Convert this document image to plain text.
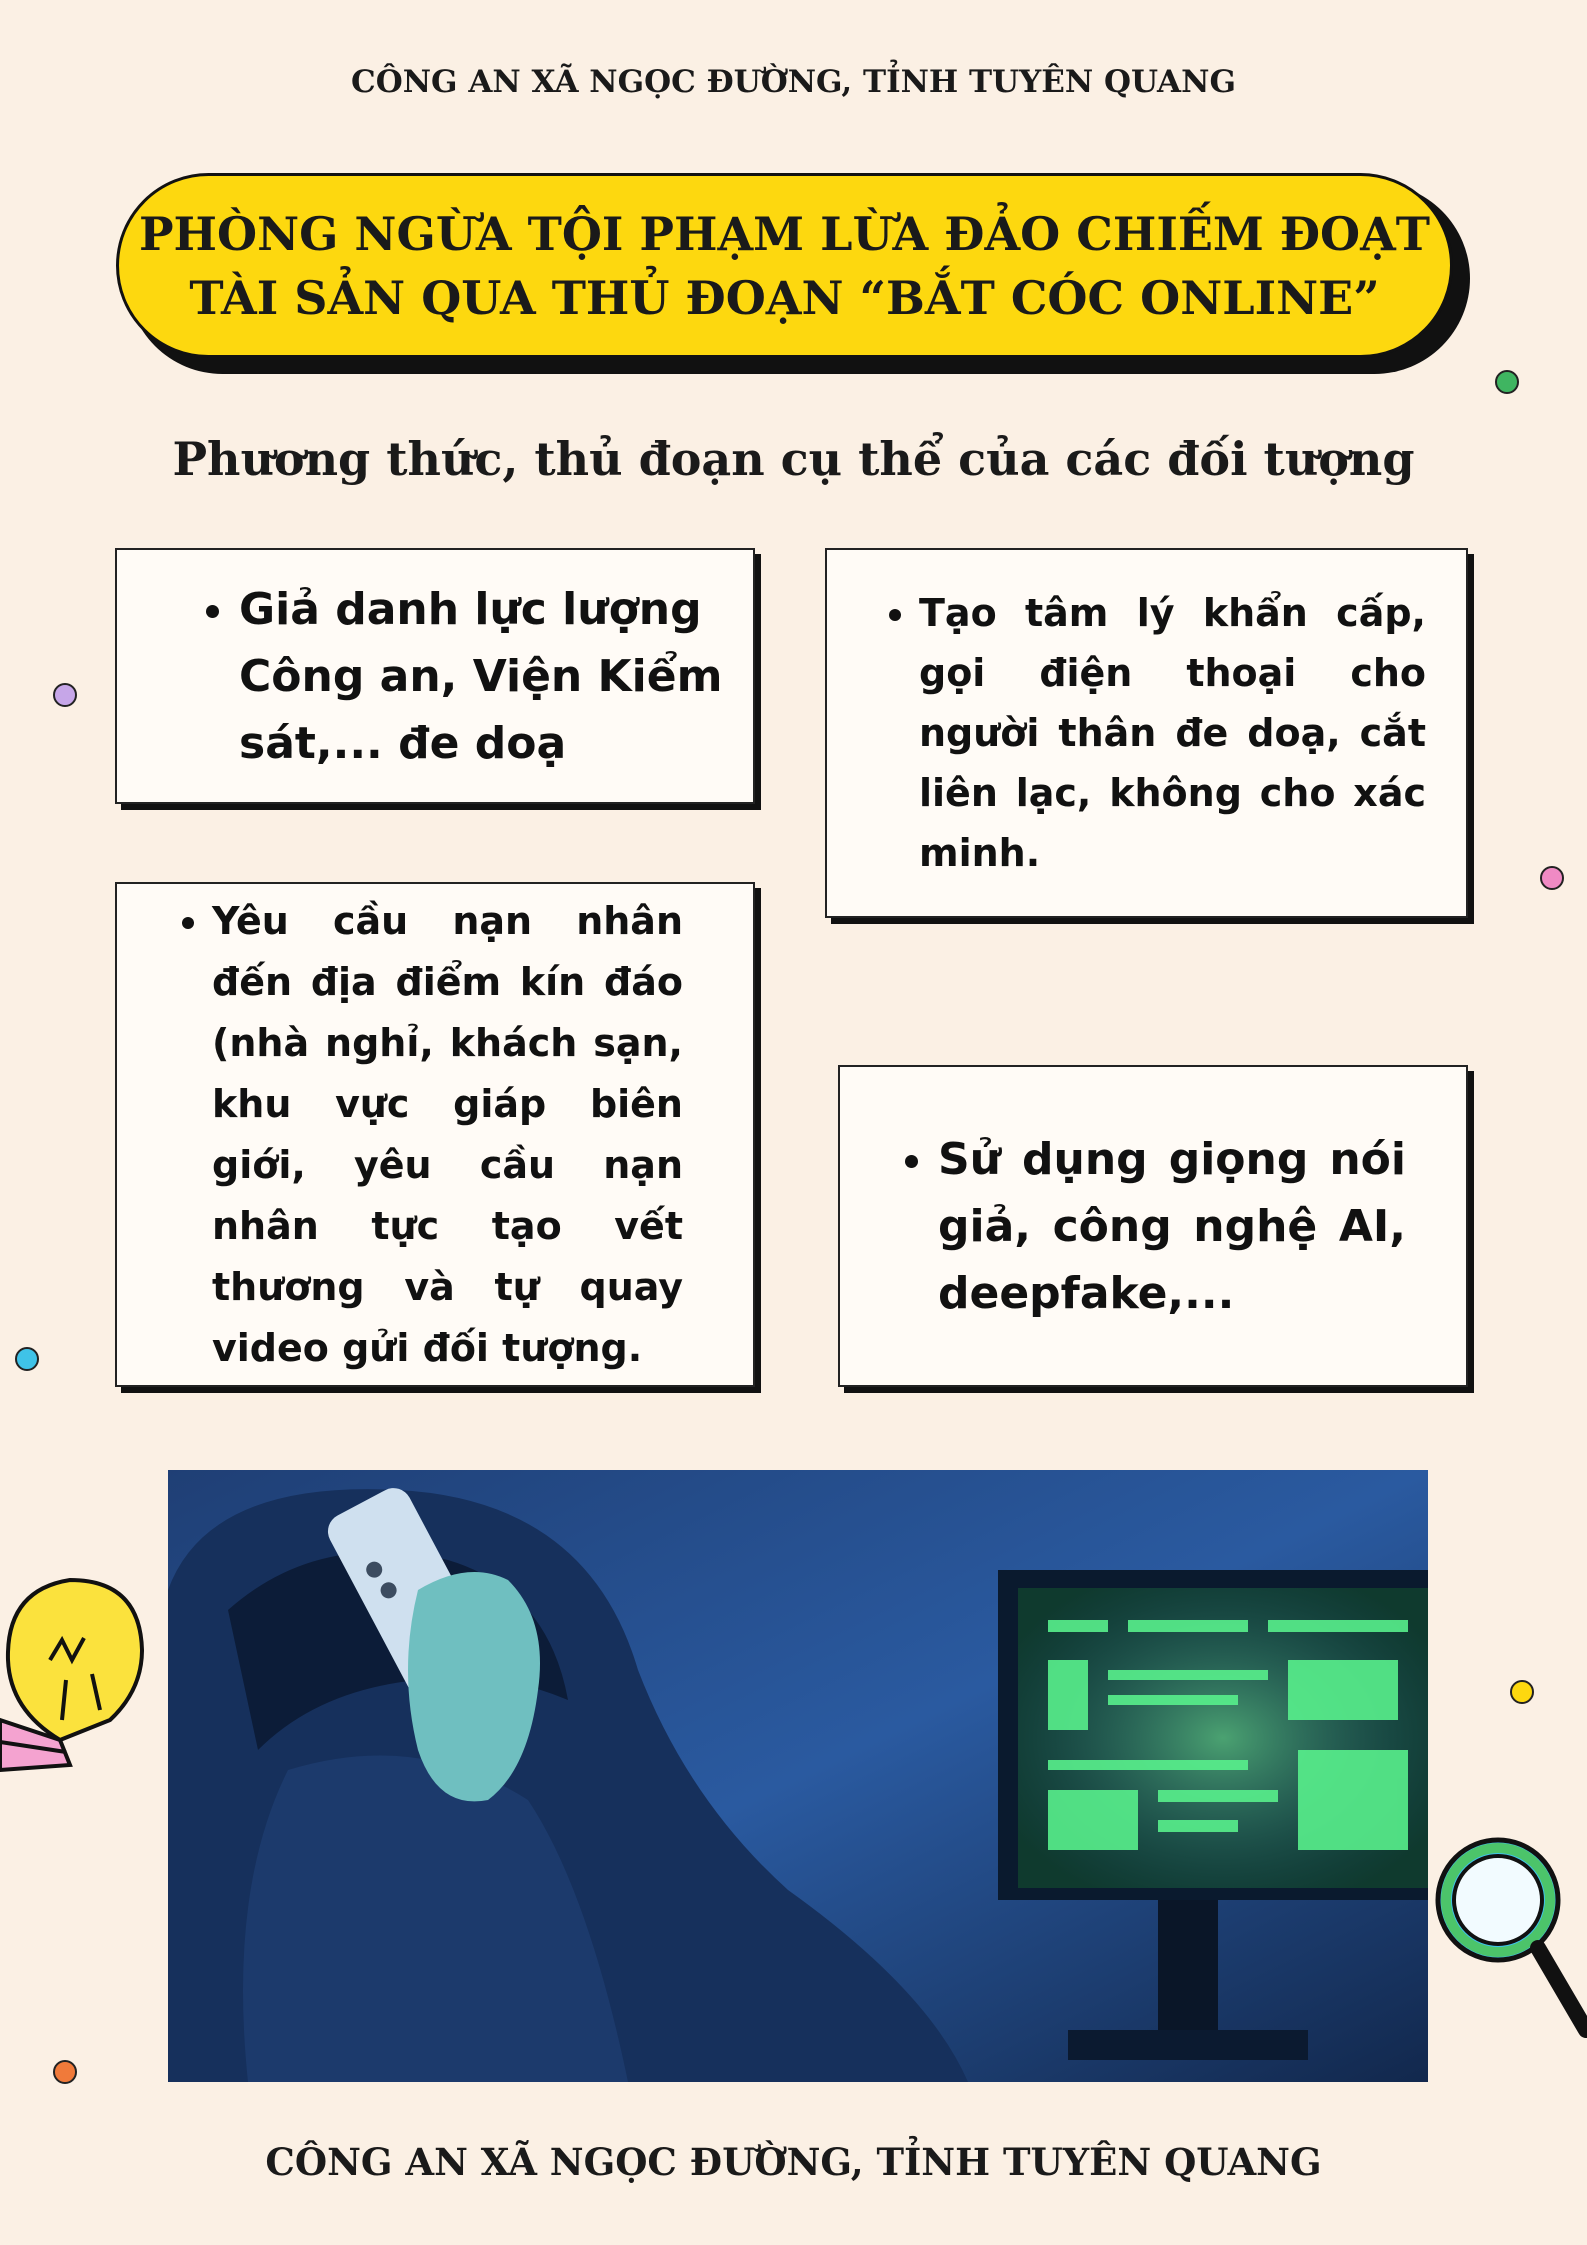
CÔNG AN XÃ NGỌC ĐƯỜNG, TỈNH TUYÊN QUANG
PHÒNG NGỪA TỘI PHẠM LỪA ĐẢO CHIẾM ĐOẠT
TÀI SẢN QUA THỦ ĐOẠN “BẮT CÓC ONLINE”
Phương thức, thủ đoạn cụ thể của các đối tượng
• Giả danh lực lượng Công an, Viện Kiểm sát,... đe doạ
• Tạo tâm lý khẩn cấp, gọi điện thoại cho người thân đe doạ, cắt liên lạc, không cho xác minh.
• Yêu cầu nạn nhân đến địa điểm kín đáo (nhà nghỉ, khách sạn, khu vực giáp biên giới, yêu cầu nạn nhân tực tạo vết thương và tự quay video gửi đối tượng.
• Sử dụng giọng nói giả, công nghệ AI, deepfake,...
CÔNG AN XÃ NGỌC ĐƯỜNG, TỈNH TUYÊN QUANG
